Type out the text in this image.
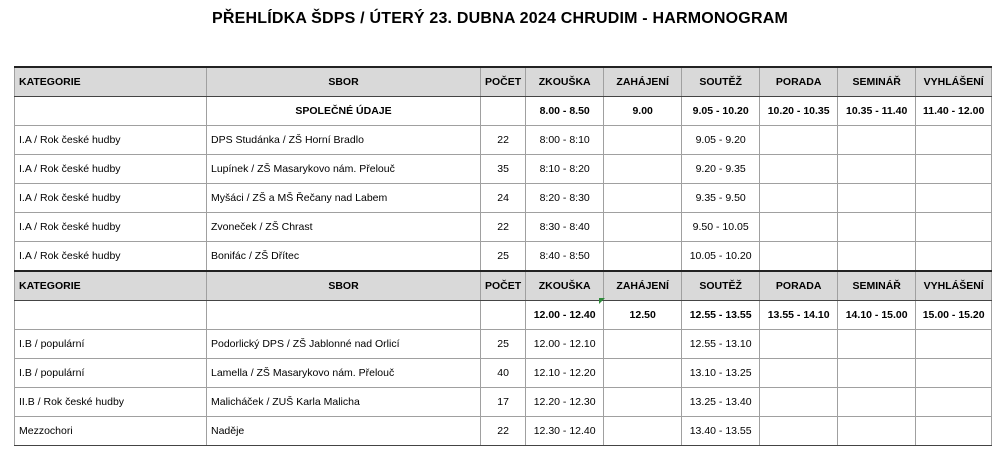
PŘEHLÍDKA ŠDPS / ÚTERÝ 23. DUBNA 2024 CHRUDIM - HARMONOGRAM
KATEGORIE	SBOR	POČET	ZKOUŠKA	ZAHÁJENÍ	SOUTĚŽ	PORADA	SEMINÁŘ	VYHLÁŠENÍ
	SPOLEČNÉ ÚDAJE		8.00 - 8.50	9.00	9.05 - 10.20	10.20 - 10.35	10.35 - 11.40	11.40 - 12.00
I.A / Rok české hudby	DPS Studánka / ZŠ Horní Bradlo	22	8:00 - 8:10		9.05 - 9.20			
I.A / Rok české hudby	Lupínek / ZŠ Masarykovo nám. Přelouč	35	8:10 - 8:20		9.20 - 9.35			
I.A / Rok české hudby	Myšáci / ZŠ a MŠ Řečany nad Labem	24	8:20 - 8:30		9.35 - 9.50			
I.A / Rok české hudby	Zvoneček / ZŠ Chrast	22	8:30 - 8:40		9.50 - 10.05			
I.A / Rok české hudby	Bonifác / ZŠ Dřítec	25	8:40 - 8:50		10.05 - 10.20			
KATEGORIE	SBOR	POČET	ZKOUŠKA	ZAHÁJENÍ	SOUTĚŽ	PORADA	SEMINÁŘ	VYHLÁŠENÍ
			12.00 - 12.40	12.50	12.55 - 13.55	13.55 - 14.10	14.10 - 15.00	15.00 - 15.20
I.B / populární	Podorlický DPS / ZŠ Jablonné nad Orlicí	25	12.00 - 12.10		12.55 - 13.10			
I.B / populární	Lamella / ZŠ Masarykovo nám. Přelouč	40	12.10 - 12.20		13.10 - 13.25			
II.B / Rok české hudby	Malicháček / ZUŠ Karla Malicha	17	12.20 - 12.30		13.25 - 13.40			
Mezzochori	Naděje	22	12.30 - 12.40		13.40 - 13.55			
